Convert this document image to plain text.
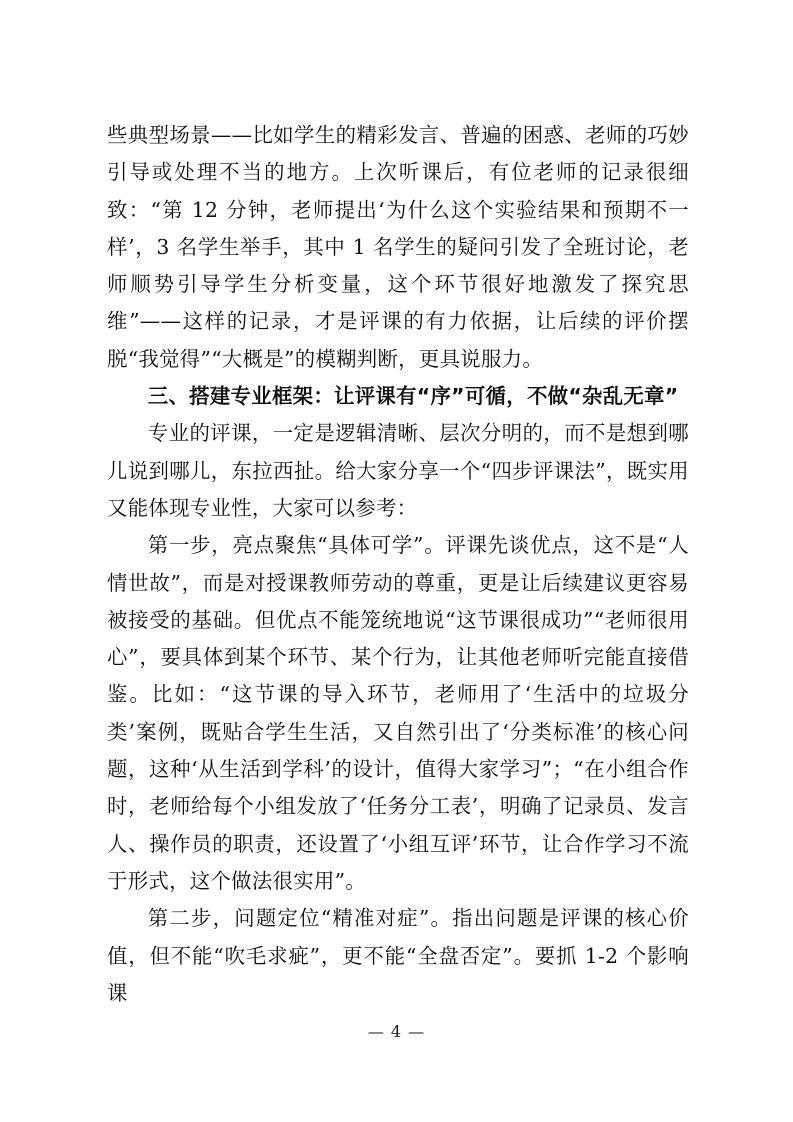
些典型场景——比如学生的精彩发言、普遍的困惑、老师的巧妙引导或处理不当的地方。上次听课后，有位老师的记录很细致：“第 12 分钟，老师提出‘为什么这个实验结果和预期不一样’，3 名学生举手，其中 1 名学生的疑问引发了全班讨论，老师顺势引导学生分析变量，这个环节很好地激发了探究思维”——这样的记录，才是评课的有力依据，让后续的评价摆脱“我觉得”“大概是”的模糊判断，更具说服力。

三、搭建专业框架：让评课有“序”可循，不做“杂乱无章”

专业的评课，一定是逻辑清晰、层次分明的，而不是想到哪儿说到哪儿，东拉西扯。给大家分享一个“四步评课法”，既实用又能体现专业性，大家可以参考：

第一步，亮点聚焦“具体可学”。评课先谈优点，这不是“人情世故”，而是对授课教师劳动的尊重，更是让后续建议更容易被接受的基础。但优点不能笼统地说“这节课很成功”“老师很用心”，要具体到某个环节、某个行为，让其他老师听完能直接借鉴。比如：“这节课的导入环节，老师用了‘生活中的垃圾分类’案例，既贴合学生生活，又自然引出了‘分类标准’的核心问题，这种‘从生活到学科’的设计，值得大家学习”；“在小组合作时，老师给每个小组发放了‘任务分工表’，明确了记录员、发言人、操作员的职责，还设置了‘小组互评’环节，让合作学习不流于形式，这个做法很实用”。

第二步，问题定位“精准对症”。指出问题是评课的核心价值，但不能“吹毛求疵”，更不能“全盘否定”。要抓 1-2 个影响课

— 4 —
